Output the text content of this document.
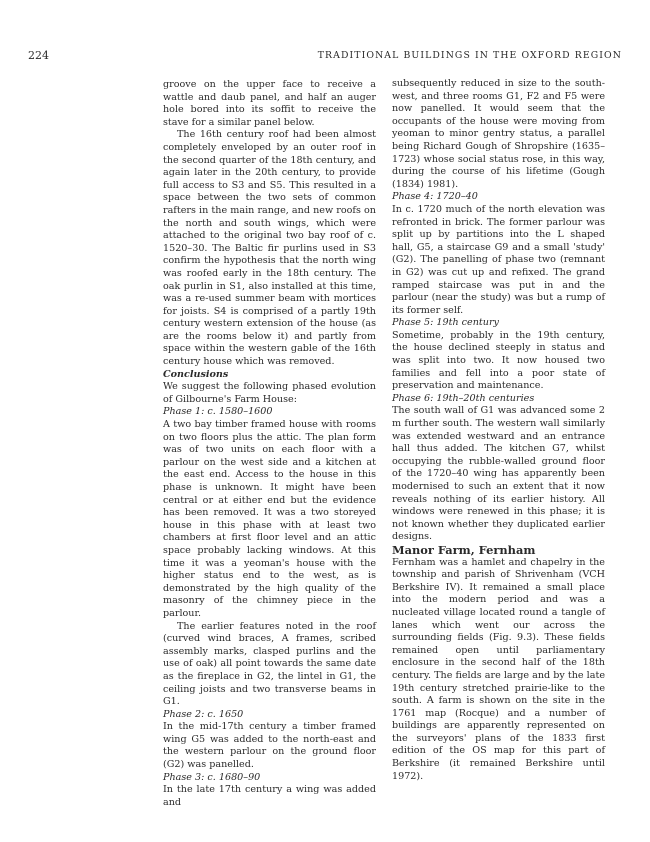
224	TRADITIONAL BUILDINGS IN THE OXFORD REGION

groove on the upper face to receive a wattle and daub panel, and half an auger hole bored into its soffit to receive the stave for a similar panel below.

The 16th century roof had been almost completely enveloped by an outer roof in the second quarter of the 18th century, and again later in the 20th century, to provide full access to S3 and S5. This resulted in a space between the two sets of common rafters in the main range, and new roofs on the north and south wings, which were attached to the original two bay roof of c. 1520–30. The Baltic fir purlins used in S3 confirm the hypothesis that the north wing was roofed early in the 18th century. The oak purlin in S1, also installed at this time, was a re-used summer beam with mortices for joists. S4 is comprised of a partly 19th century western extension of the house (as are the rooms below it) and partly from space within the western gable of the 16th century house which was removed.

Conclusions

We suggest the following phased evolution of Gilbourne's Farm House:

Phase 1: c. 1580–1600

A two bay timber framed house with rooms on two floors plus the attic. The plan form was of two units on each floor with a parlour on the west side and a kitchen at the east end. Access to the house in this phase is unknown. It might have been central or at either end but the evidence has been removed. It was a two storeyed house in this phase with at least two chambers at first floor level and an attic space probably lacking windows. At this time it was a yeoman's house with the higher status end to the west, as is demonstrated by the high quality of the masonry of the chimney piece in the parlour.

The earlier features noted in the roof (curved wind braces, A frames, scribed assembly marks, clasped purlins and the use of oak) all point towards the same date as the fireplace in G2, the lintel in G1, the ceiling joists and two transverse beams in G1.

Phase 2: c. 1650

In the mid-17th century a timber framed wing G5 was added to the north-east and the western parlour on the ground floor (G2) was panelled.

Phase 3: c. 1680–90

In the late 17th century a wing was added and

subsequently reduced in size to the south-west, and three rooms G1, F2 and F5 were now panelled. It would seem that the occupants of the house were moving from yeoman to minor gentry status, a parallel being Richard Gough of Shropshire (1635–1723) whose social status rose, in this way, during the course of his lifetime (Gough (1834) 1981).

Phase 4: 1720–40

In c. 1720 much of the north elevation was refronted in brick. The former parlour was split up by partitions into the L shaped hall, G5, a staircase G9 and a small 'study' (G2). The panelling of phase two (remnant in G2) was cut up and refixed. The grand ramped staircase was put in and the parlour (near the study) was but a rump of its former self.

Phase 5: 19th century

Sometime, probably in the 19th century, the house declined steeply in status and was split into two. It now housed two families and fell into a poor state of preservation and maintenance.

Phase 6: 19th–20th centuries

The south wall of G1 was advanced some 2 m further south. The western wall similarly was extended westward and an entrance hall thus added. The kitchen G7, whilst occupying the rubble-walled ground floor of the 1720–40 wing has apparently been modernised to such an extent that it now reveals nothing of its earlier history. All windows were renewed in this phase; it is not known whether they duplicated earlier designs.

Manor Farm, Fernham

Fernham was a hamlet and chapelry in the township and parish of Shrivenham (VCH Berkshire IV). It remained a small place into the modern period and was a nucleated village located round a tangle of lanes which went our across the surrounding fields (Fig. 9.3). These fields remained open until parliamentary enclosure in the second half of the 18th century. The fields are large and by the late 19th century stretched prairie-like to the south. A farm is shown on the site in the 1761 map (Rocque) and a number of buildings are apparently represented on the surveyors' plans of the 1833 first edition of the OS map for this part of Berkshire (it remained Berkshire until 1972).
